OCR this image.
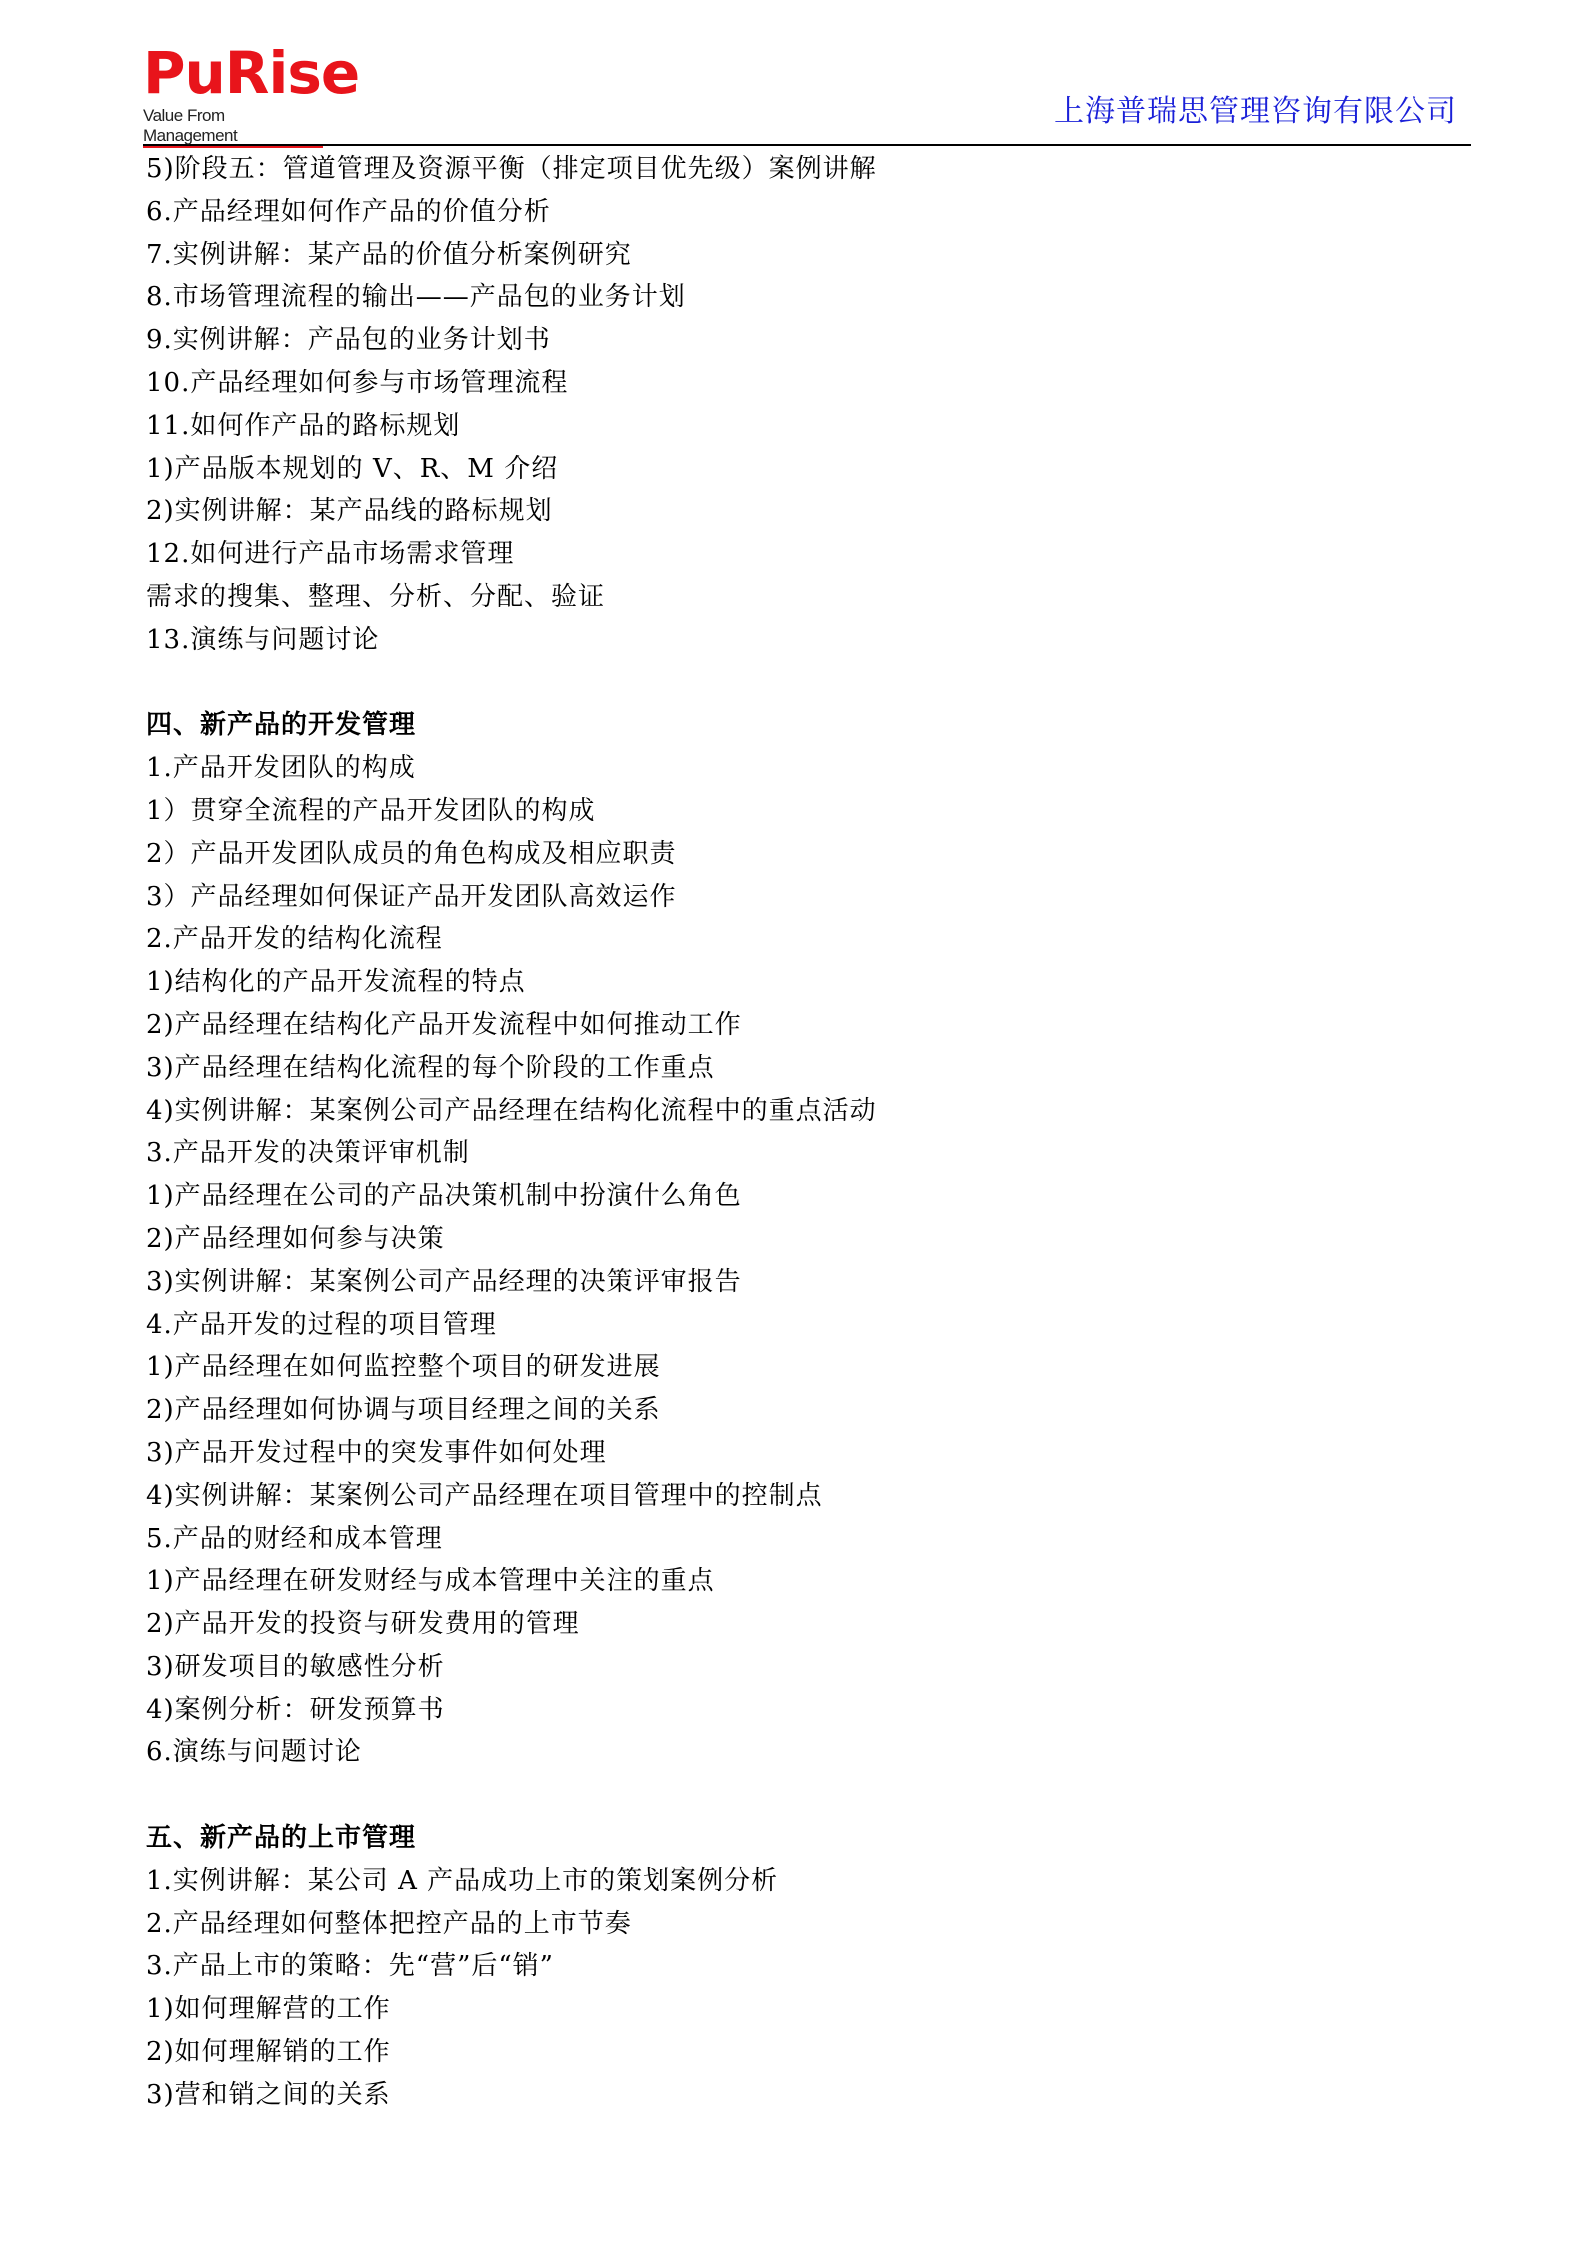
PuRise
Value From Management
上海普瑞思管理咨询有限公司
5)阶段五：管道管理及资源平衡（排定项目优先级）案例讲解
6.产品经理如何作产品的价值分析
7.实例讲解：某产品的价值分析案例研究
8.市场管理流程的输出——产品包的业务计划
9.实例讲解：产品包的业务计划书
10.产品经理如何参与市场管理流程
11.如何作产品的路标规划
1)产品版本规划的 V、R、M 介绍
2)实例讲解：某产品线的路标规划
12.如何进行产品市场需求管理
需求的搜集、整理、分析、分配、验证
13.演练与问题讨论
四、新产品的开发管理
1.产品开发团队的构成
1）贯穿全流程的产品开发团队的构成
2）产品开发团队成员的角色构成及相应职责
3）产品经理如何保证产品开发团队高效运作
2.产品开发的结构化流程
1)结构化的产品开发流程的特点
2)产品经理在结构化产品开发流程中如何推动工作
3)产品经理在结构化流程的每个阶段的工作重点
4)实例讲解：某案例公司产品经理在结构化流程中的重点活动
3.产品开发的决策评审机制
1)产品经理在公司的产品决策机制中扮演什么角色
2)产品经理如何参与决策
3)实例讲解：某案例公司产品经理的决策评审报告
4.产品开发的过程的项目管理
1)产品经理在如何监控整个项目的研发进展
2)产品经理如何协调与项目经理之间的关系
3)产品开发过程中的突发事件如何处理
4)实例讲解：某案例公司产品经理在项目管理中的控制点
5.产品的财经和成本管理
1)产品经理在研发财经与成本管理中关注的重点
2)产品开发的投资与研发费用的管理
3)研发项目的敏感性分析
4)案例分析：研发预算书
6.演练与问题讨论
五、新产品的上市管理
1.实例讲解：某公司 A 产品成功上市的策划案例分析
2.产品经理如何整体把控产品的上市节奏
3.产品上市的策略：先“营”后“销”
1)如何理解营的工作
2)如何理解销的工作
3)营和销之间的关系
